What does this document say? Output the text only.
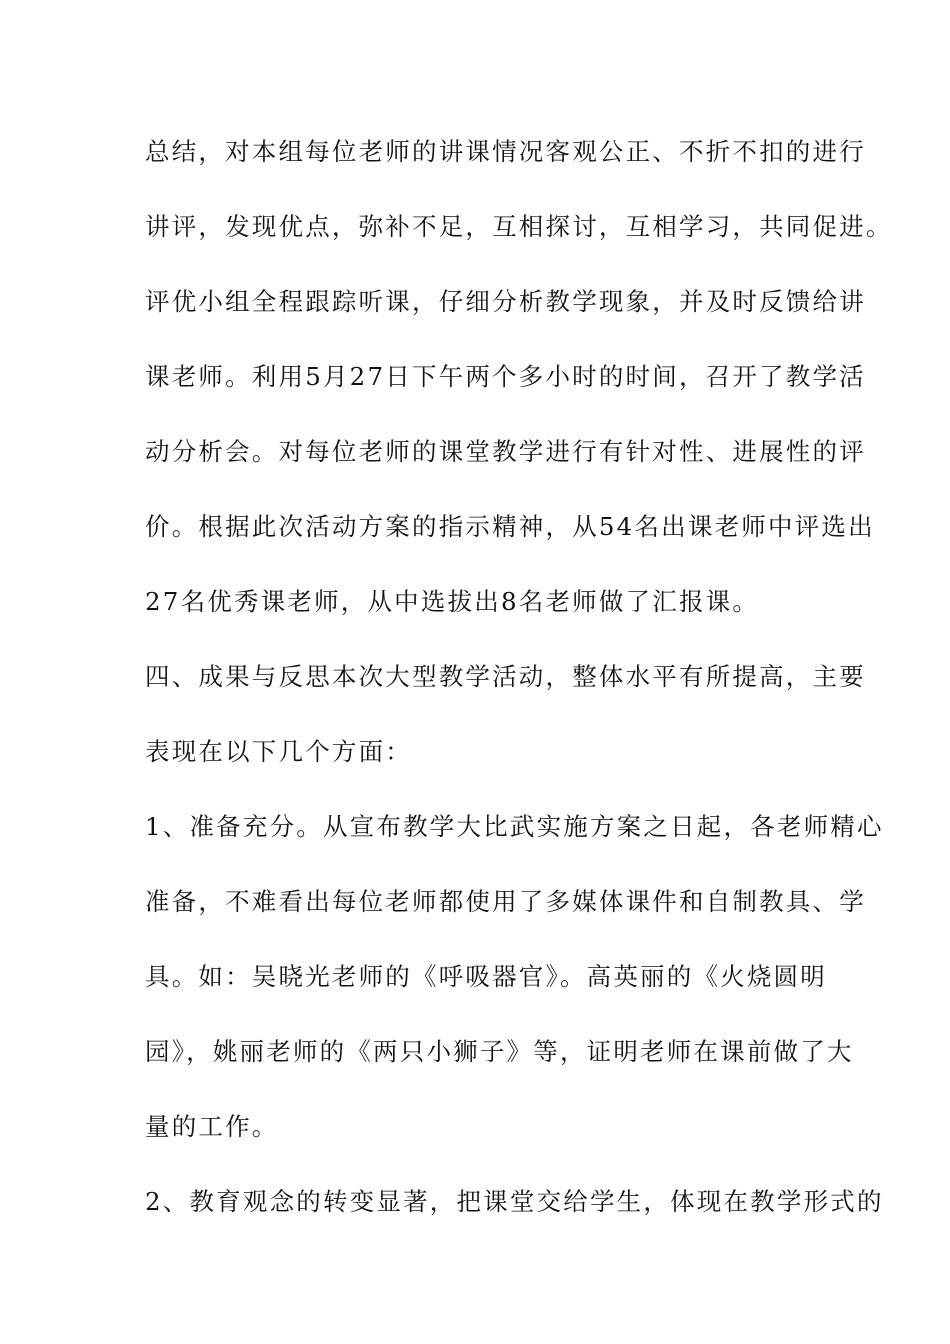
总结，对本组每位老师的讲课情况客观公正、不折不扣的进行
讲评，发现优点，弥补不足，互相探讨，互相学习，共同促进。
评优小组全程跟踪听课，仔细分析教学现象，并及时反馈给讲
课老师。利用5月27日下午两个多小时的时间，召开了教学活
动分析会。对每位老师的课堂教学进行有针对性、进展性的评
价。根据此次活动方案的指示精神，从54名出课老师中评选出
27名优秀课老师，从中选拔出8名老师做了汇报课。
四、成果与反思本次大型教学活动，整体水平有所提高，主要
表现在以下几个方面：
1、准备充分。从宣布教学大比武实施方案之日起，各老师精心
准备，不难看出每位老师都使用了多媒体课件和自制教具、学
具。如：吴晓光老师的《呼吸器官》。高英丽的《火烧圆明
园》，姚丽老师的《两只小狮子》等，证明老师在课前做了大
量的工作。
2、教育观念的转变显著，把课堂交给学生，体现在教学形式的
